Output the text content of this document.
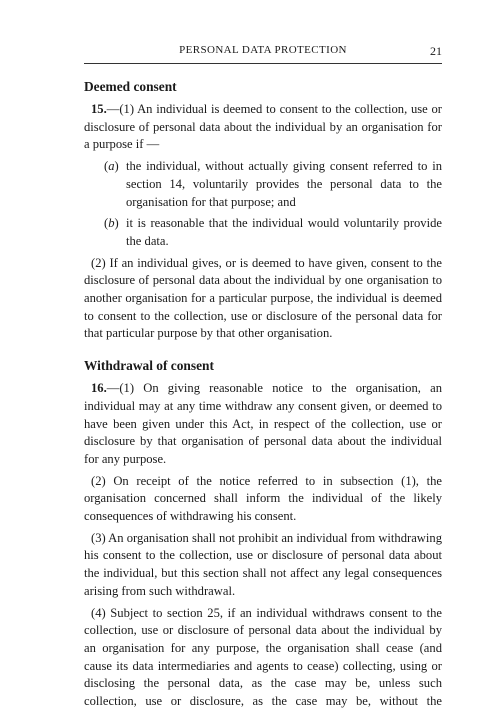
PERSONAL DATA PROTECTION	21
Deemed consent

15.—(1) An individual is deemed to consent to the collection, use or disclosure of personal data about the individual by an organisation for a purpose if —

(a) the individual, without actually giving consent referred to in section 14, voluntarily provides the personal data to the organisation for that purpose; and
(b) it is reasonable that the individual would voluntarily provide the data.

(2) If an individual gives, or is deemed to have given, consent to the disclosure of personal data about the individual by one organisation to another organisation for a particular purpose, the individual is deemed to consent to the collection, use or disclosure of the personal data for that particular purpose by that other organisation.

Withdrawal of consent

16.—(1) On giving reasonable notice to the organisation, an individual may at any time withdraw any consent given, or deemed to have been given under this Act, in respect of the collection, use or disclosure by that organisation of personal data about the individual for any purpose.

(2) On receipt of the notice referred to in subsection (1), the organisation concerned shall inform the individual of the likely consequences of withdrawing his consent.

(3) An organisation shall not prohibit an individual from withdrawing his consent to the collection, use or disclosure of personal data about the individual, but this section shall not affect any legal consequences arising from such withdrawal.

(4) Subject to section 25, if an individual withdraws consent to the collection, use or disclosure of personal data about the individual by an organisation for any purpose, the organisation shall cease (and cause its data intermediaries and agents to cease) collecting, using or disclosing the personal data, as the case may be, unless such collection, use or disclosure, as the case may be, without the
